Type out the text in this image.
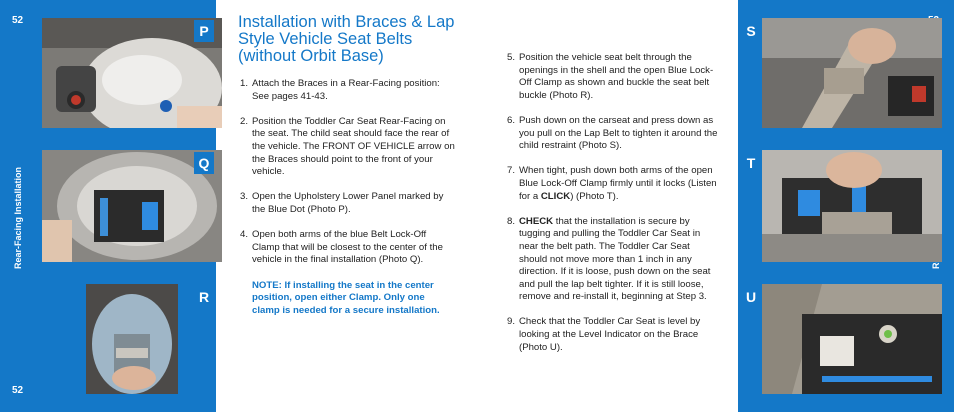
52
52
Rear-Facing Installation
P
Q
R
Installation with Braces & Lap Style Vehicle Seat Belts (without Orbit Base)
1. Attach the Braces in a Rear-Facing position: See pages 41-43.
2. Position the Toddler Car Seat Rear-Facing on the seat. The child seat should face the rear of the vehicle. The FRONT OF VEHICLE arrow on the Braces should point to the front of your vehicle.
3. Open the Upholstery Lower Panel marked by the Blue Dot (Photo P).
4. Open both arms of the blue Belt Lock-Off Clamp that will be closest to the center of the vehicle in the final installation (Photo Q).
NOTE: If installing the seat in the center position, open either Clamp. Only one clamp is needed for a secure installation.
5. Position the vehicle seat belt through the openings in the shell and the open Blue Lock-Off Clamp as shown and buckle the seat belt buckle (Photo R).
6. Push down on the carseat and press down as you pull on the Lap Belt to tighten it around the child restraint (Photo S).
7. When tight, push down both arms of the open Blue Lock-Off Clamp firmly until it locks (Listen for a CLICK) (Photo T).
8. CHECK that the installation is secure by tugging and pulling the Toddler Car Seat in near the belt path. The Toddler Car Seat should not move more than 1 inch in any direction. If it is loose, push down on the seat and pull the lap belt tighter. If it is still loose, remove and re-install it, beginning at Step 3.
9. Check that the Toddler Car Seat is level by looking at the Level Indicator on the Brace (Photo U).
S
T
U
